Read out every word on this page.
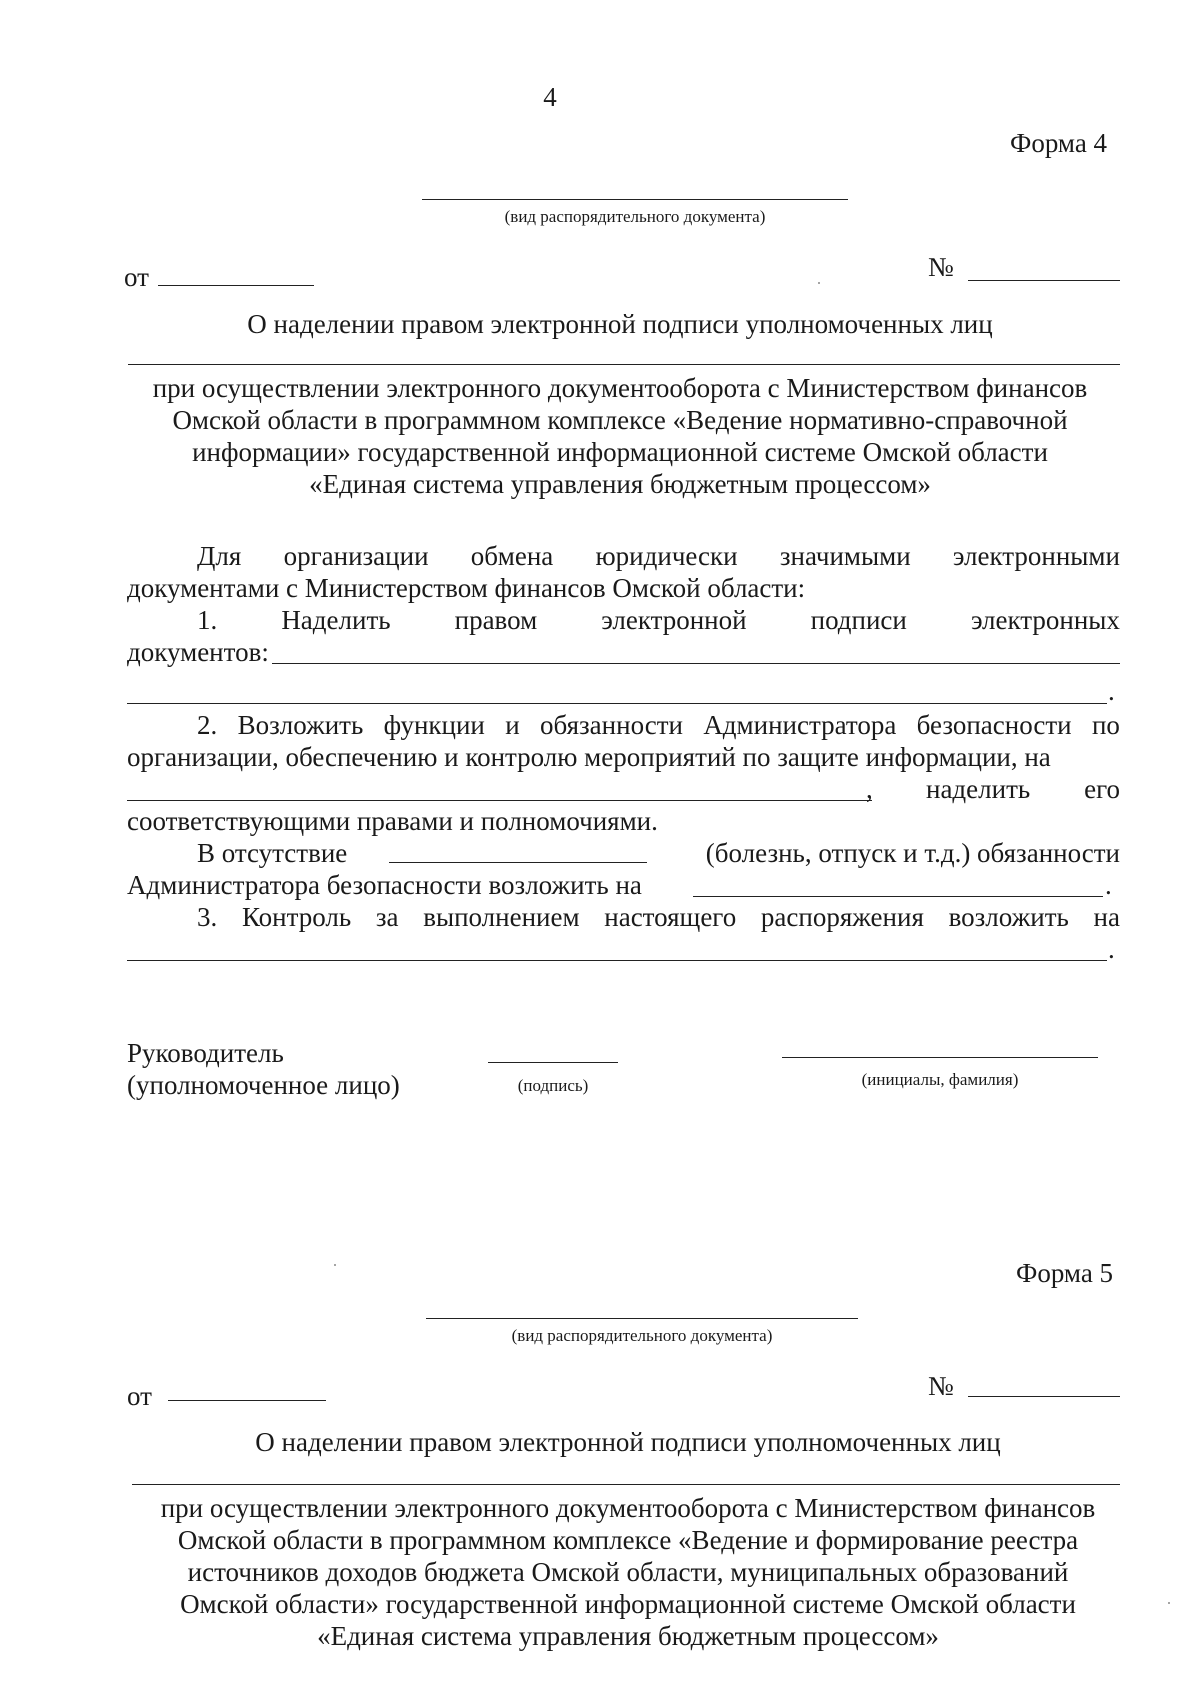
4
Форма 4
(вид распорядительного документа)
от	№
О наделении правом электронной подписи уполномоченных лиц
при осуществлении электронного документооборота с Министерством финансов
Омской области в программном комплексе «Ведение нормативно-справочной
информации» государственной информационной системе Омской области
«Единая система управления бюджетным процессом»
Для организации обмена юридически значимыми электронными
документами с Министерством финансов Омской области:
1. Наделить правом электронной подписи электронных
документов:
.
2. Возложить функции и обязанности Администратора безопасности по
организации, обеспечению и контролю мероприятий по защите информации, на
, наделить его
соответствующими правами и полномочиями.
В отсутствие	(болезнь, отпуск и т.д.) обязанности
Администратора безопасности возложить на	.
3. Контроль за выполнением настоящего распоряжения возложить на
.
Руководитель
(уполномоченное лицо)	(подпись)	(инициалы, фамилия)
Форма 5
(вид распорядительного документа)
от	№
О наделении правом электронной подписи уполномоченных лиц
при осуществлении электронного документооборота с Министерством финансов
Омской области в программном комплексе «Ведение и формирование реестра
источников доходов бюджета Омской области, муниципальных образований
Омской области» государственной информационной системе Омской области
«Единая система управления бюджетным процессом»
